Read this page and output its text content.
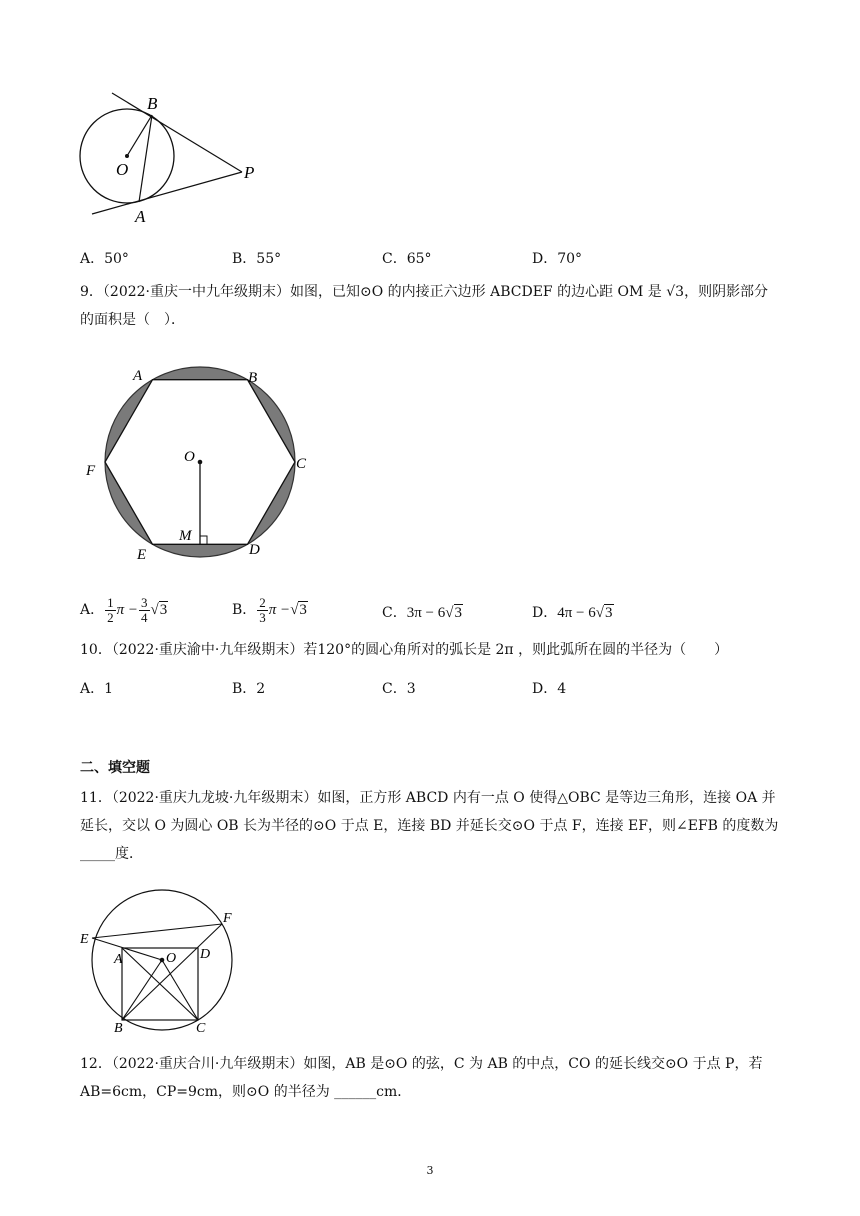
B
O	P
A
A．50°	B．55°	C．65°	D．70°
9．（2022·重庆一中九年级期末）如图，已知⊙O 的内接正六边形 ABCDEF 的边心距 OM 是 √3，则阴影部分的面积是（　）．
A	B
C
D
E
F
O
M
A． $\frac{1}{2}$ $\pi - \frac{3}{4} √3$	B． $\frac{2}{3}$ π −√3	C．3π − 6√3	D．4π − 6√3
10．（2022·重庆渝中·九年级期末）若120°的圆心角所对的弧长是 2π ，则此弧所在圆的半径为（　　）
A．1	B．2	C．3	D．4
二、填空题
11．（2022·重庆九龙坡·九年级期末）如图，正方形 ABCD 内有一点 O 使得△OBC 是等边三角形，连接 OA 并延长，交以 O 为圆心 OB 长为半径的⊙O 于点 E，连接 BD 并延长交⊙O 于点 F，连接 EF，则∠EFB 的度数为_____度．
E
F
A	O D
B	C
12．（2022·重庆合川·九年级期末）如图，AB 是⊙O 的弦，C 为 AB 的中点，CO 的延长线交⊙O 于点 P，若 AB=6cm，CP=9cm，则⊙O 的半径为 ______cm．
3
